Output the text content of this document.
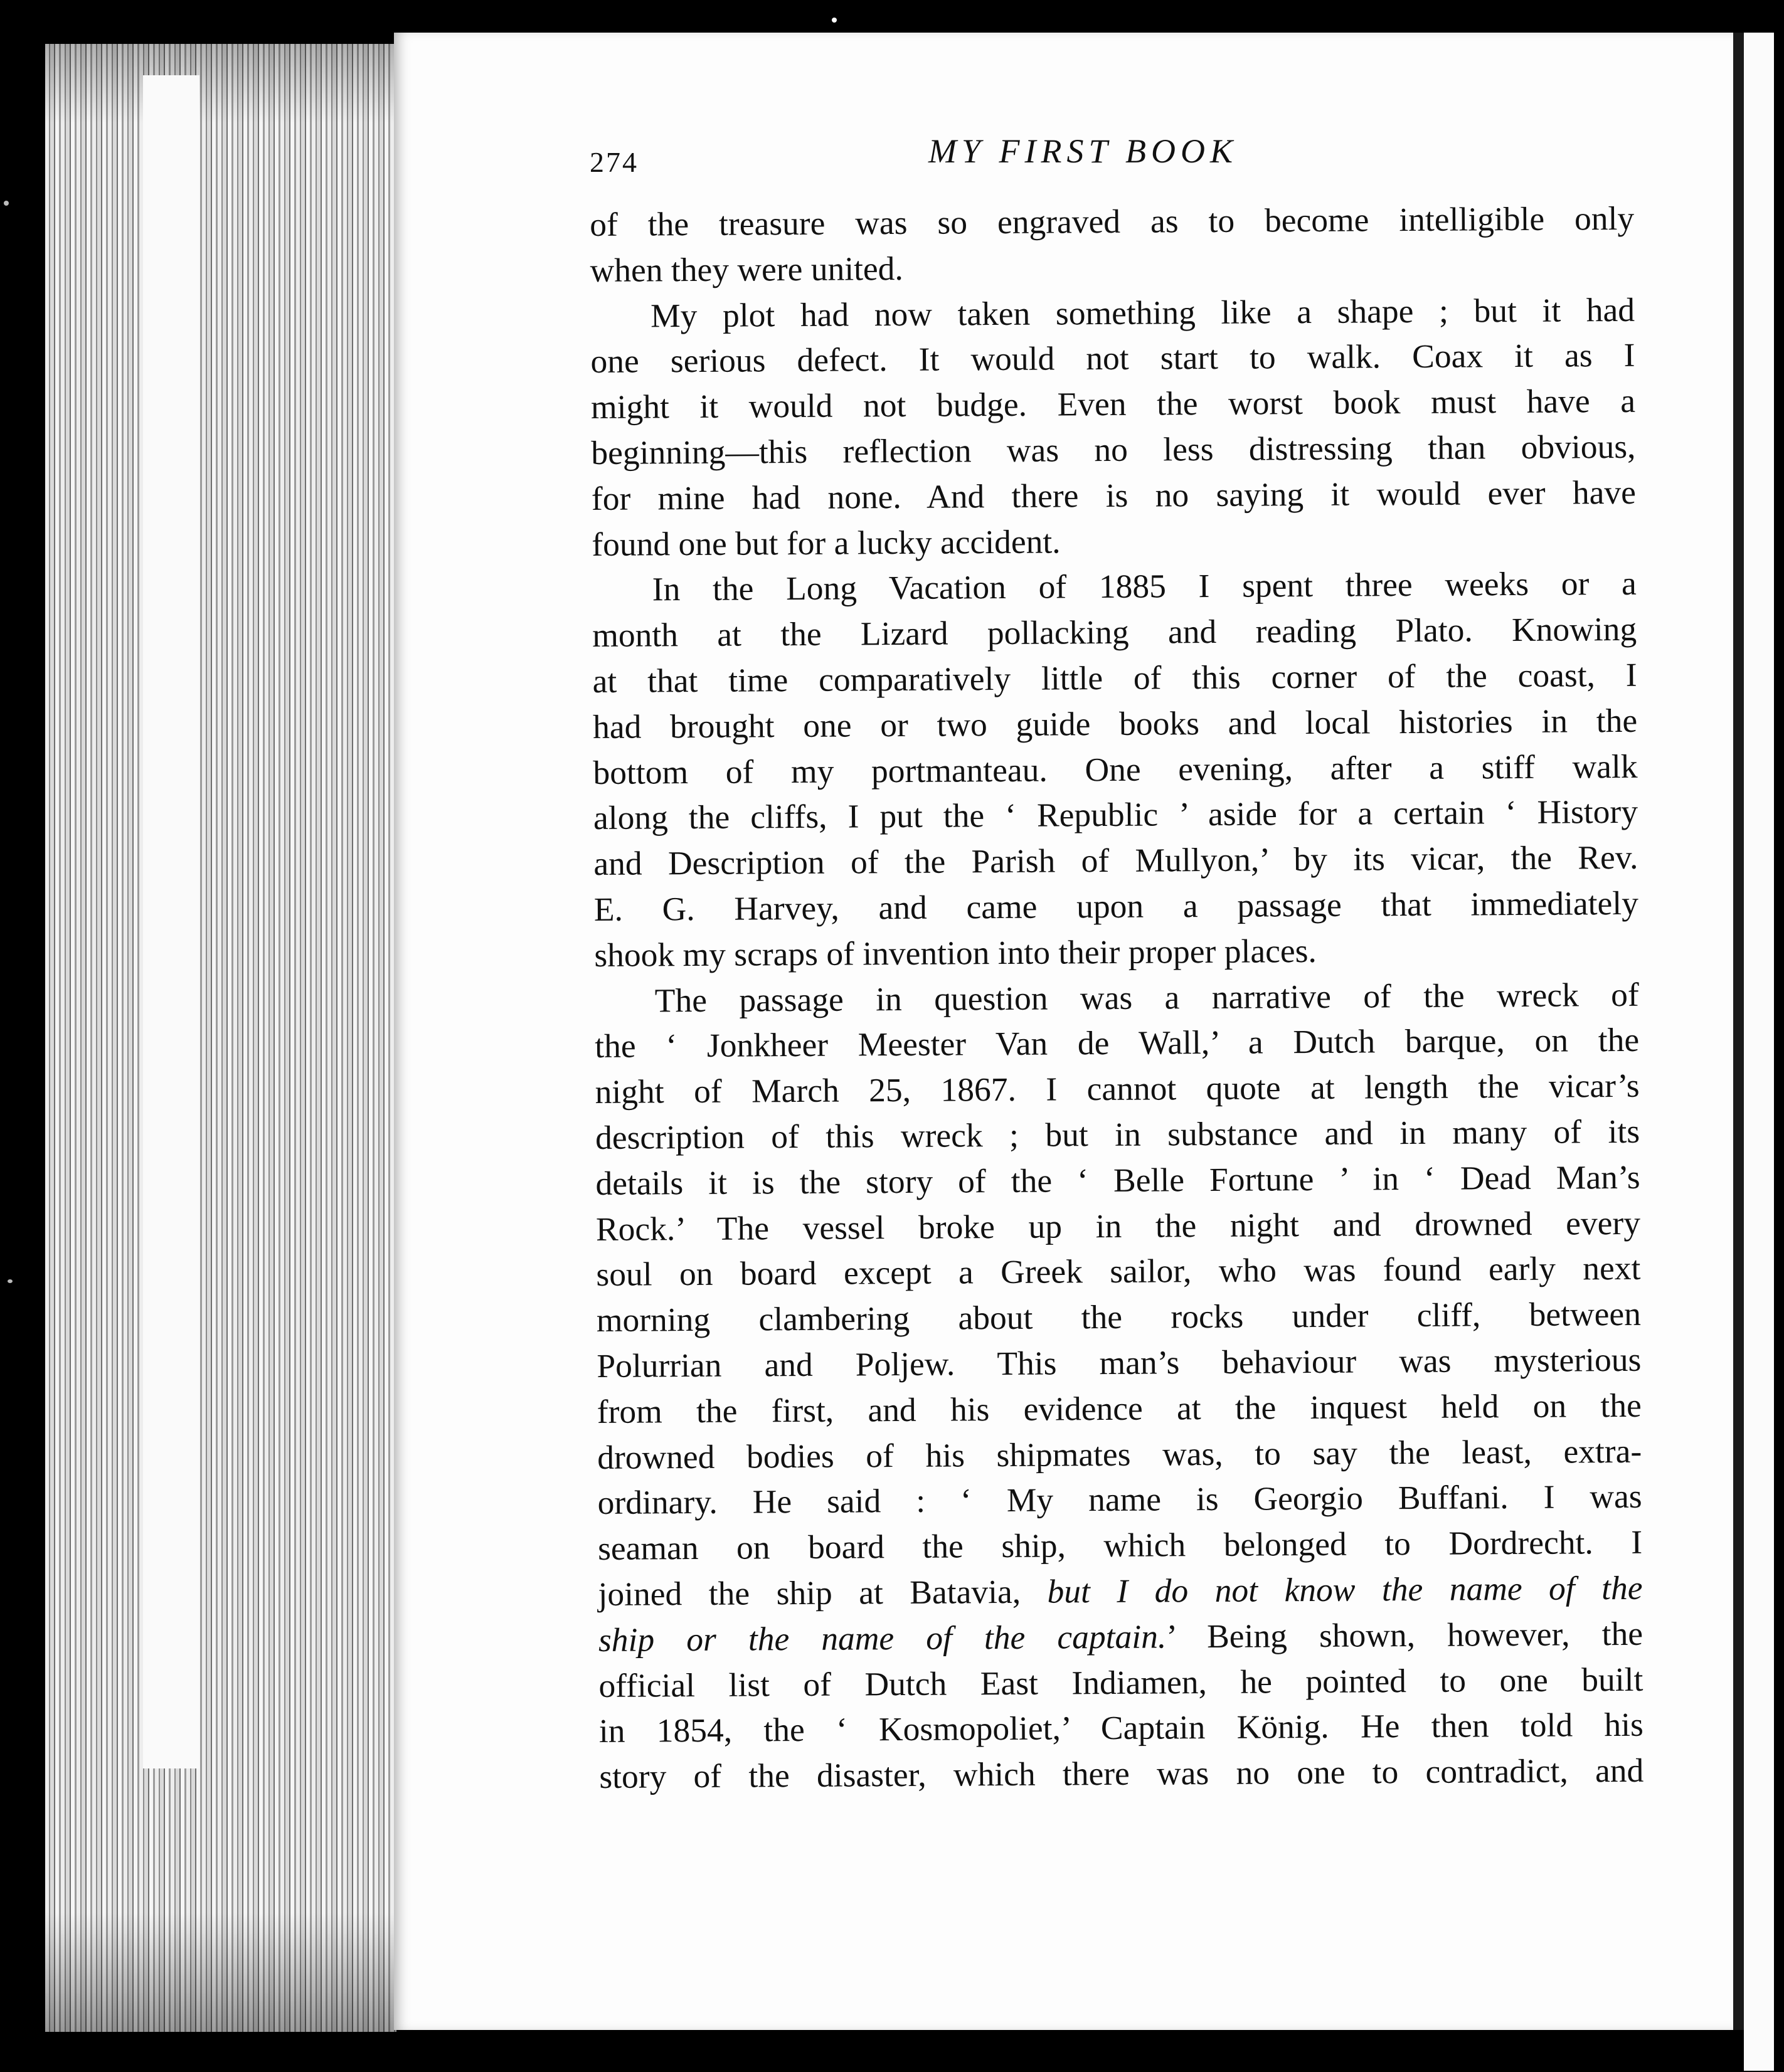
274	MY FIRST BOOK
of the treasure was so engraved as to become intelligible only
when they were united.
My plot had now taken something like a shape ; but it had
one serious defect. It would not start to walk. Coax it as I
might it would not budge. Even the worst book must have a
beginning—this reflection was no less distressing than obvious,
for mine had none. And there is no saying it would ever have
found one but for a lucky accident.
In the Long Vacation of 1885 I spent three weeks or a
month at the Lizard pollacking and reading Plato. Knowing
at that time comparatively little of this corner of the coast, I
had brought one or two guide books and local histories in the
bottom of my portmanteau. One evening, after a stiff walk
along the cliffs, I put the ‘ Republic ’ aside for a certain ‘ History
and Description of the Parish of Mullyon,’ by its vicar, the Rev.
E. G. Harvey, and came upon a passage that immediately
shook my scraps of invention into their proper places.
The passage in question was a narrative of the wreck of
the ‘ Jonkheer Meester Van de Wall,’ a Dutch barque, on the
night of March 25, 1867. I cannot quote at length the vicar’s
description of this wreck ; but in substance and in many of its
details it is the story of the ‘ Belle Fortune ’ in ‘ Dead Man’s
Rock.’ The vessel broke up in the night and drowned every
soul on board except a Greek sailor, who was found early next
morning clambering about the rocks under cliff, between
Polurrian and Poljew. This man’s behaviour was mysterious
from the first, and his evidence at the inquest held on the
drowned bodies of his shipmates was, to say the least, extra-
ordinary. He said : ‘ My name is Georgio Buffani. I was
seaman on board the ship, which belonged to Dordrecht. I
joined the ship at Batavia, but I do not know the name of the
ship or the name of the captain.’ Being shown, however, the
official list of Dutch East Indiamen, he pointed to one built
in 1854, the ‘ Kosmopoliet,’ Captain König. He then told his
story of the disaster, which there was no one to contradict, and
